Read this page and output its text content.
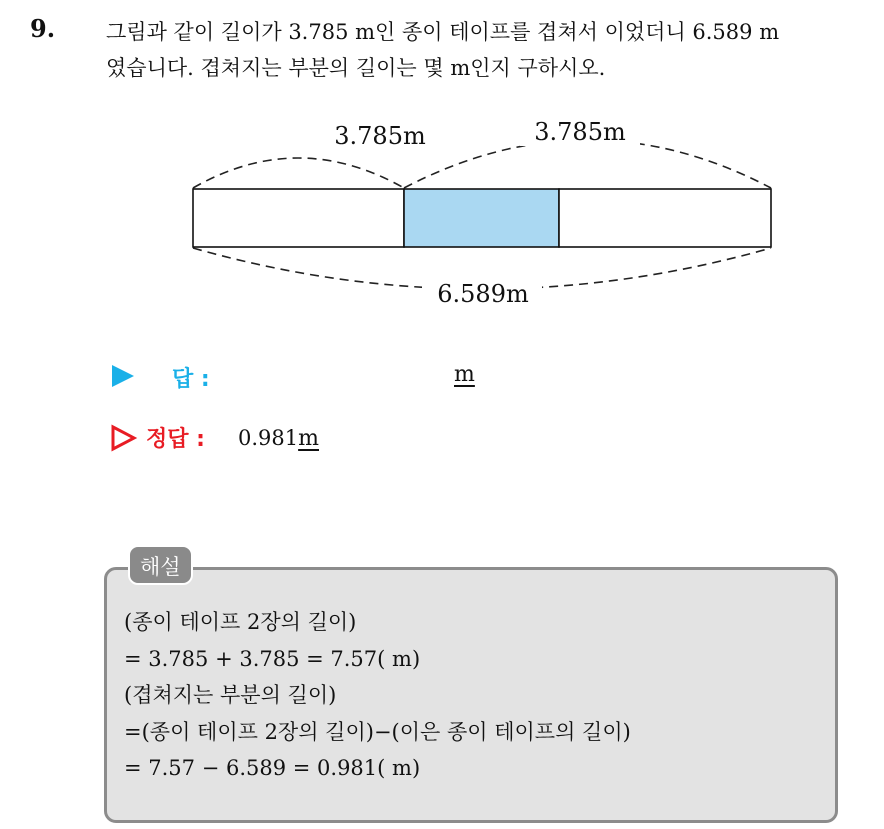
9. 그림과 같이 길이가 3.785 m인 종이 테이프를 겹쳐서 이었더니 6.589 m
였습니다. 겹쳐지는 부분의 길이는 몇 m인지 구하시오.
3.785m	3.785m
6.589m
답 :	m
정답 : 0.981m
해설
(종이 테이프 2장의 길이)
= 3.785 + 3.785 = 7.57( m)
(겹쳐지는 부분의 길이)
=(종이 테이프 2장의 길이)−(이은 종이 테이프의 길이)
= 7.57 − 6.589 = 0.981( m)
